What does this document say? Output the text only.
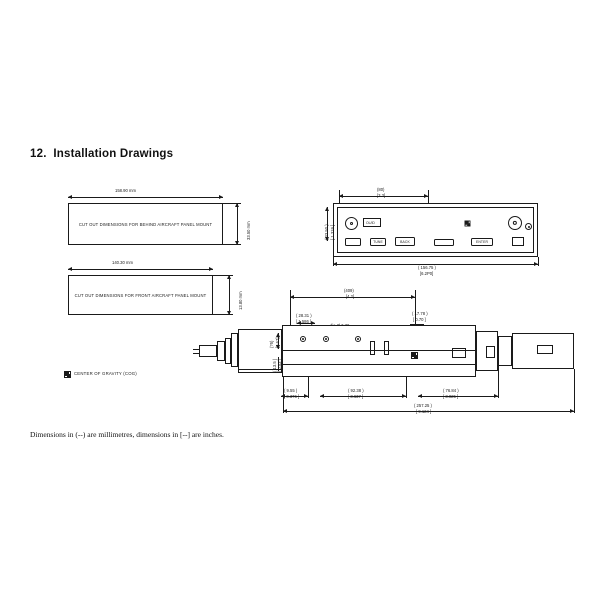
12. Installation Drawings
158.90 mm
CUT OUT DIMENSIONS FOR BEHIND AIRCRAFT PANEL MOUNT	33.50 mm
140.30 mm
CUT OUT DIMENSIONS FOR FRONT AIRCRAFT PANEL MOUNT	13.80 mm
CENTER OF GRAVITY (COG)
(80)
[3.3]
OL/ID
TUNE	BACK	ENTER
( 33.50 ) [ 1.319 ]
( 156.75 )
[6.2P0]
(409)
[4.2]
( 28.31 )
[ 1.586 ]
( 17.78 )
[ 0.70 ]
(?5) [0.67]
( 13.5 ) [ 0.53 ]
( 9.55 )
[ 0.376 ]
( 92.38 )
[ 3.637 ]
( 76.84 )
[ 3.025 ]
( 257.25 )
[ 9.124 ]
Dimensions in (--) are millimetres, dimensions in [--] are inches.
